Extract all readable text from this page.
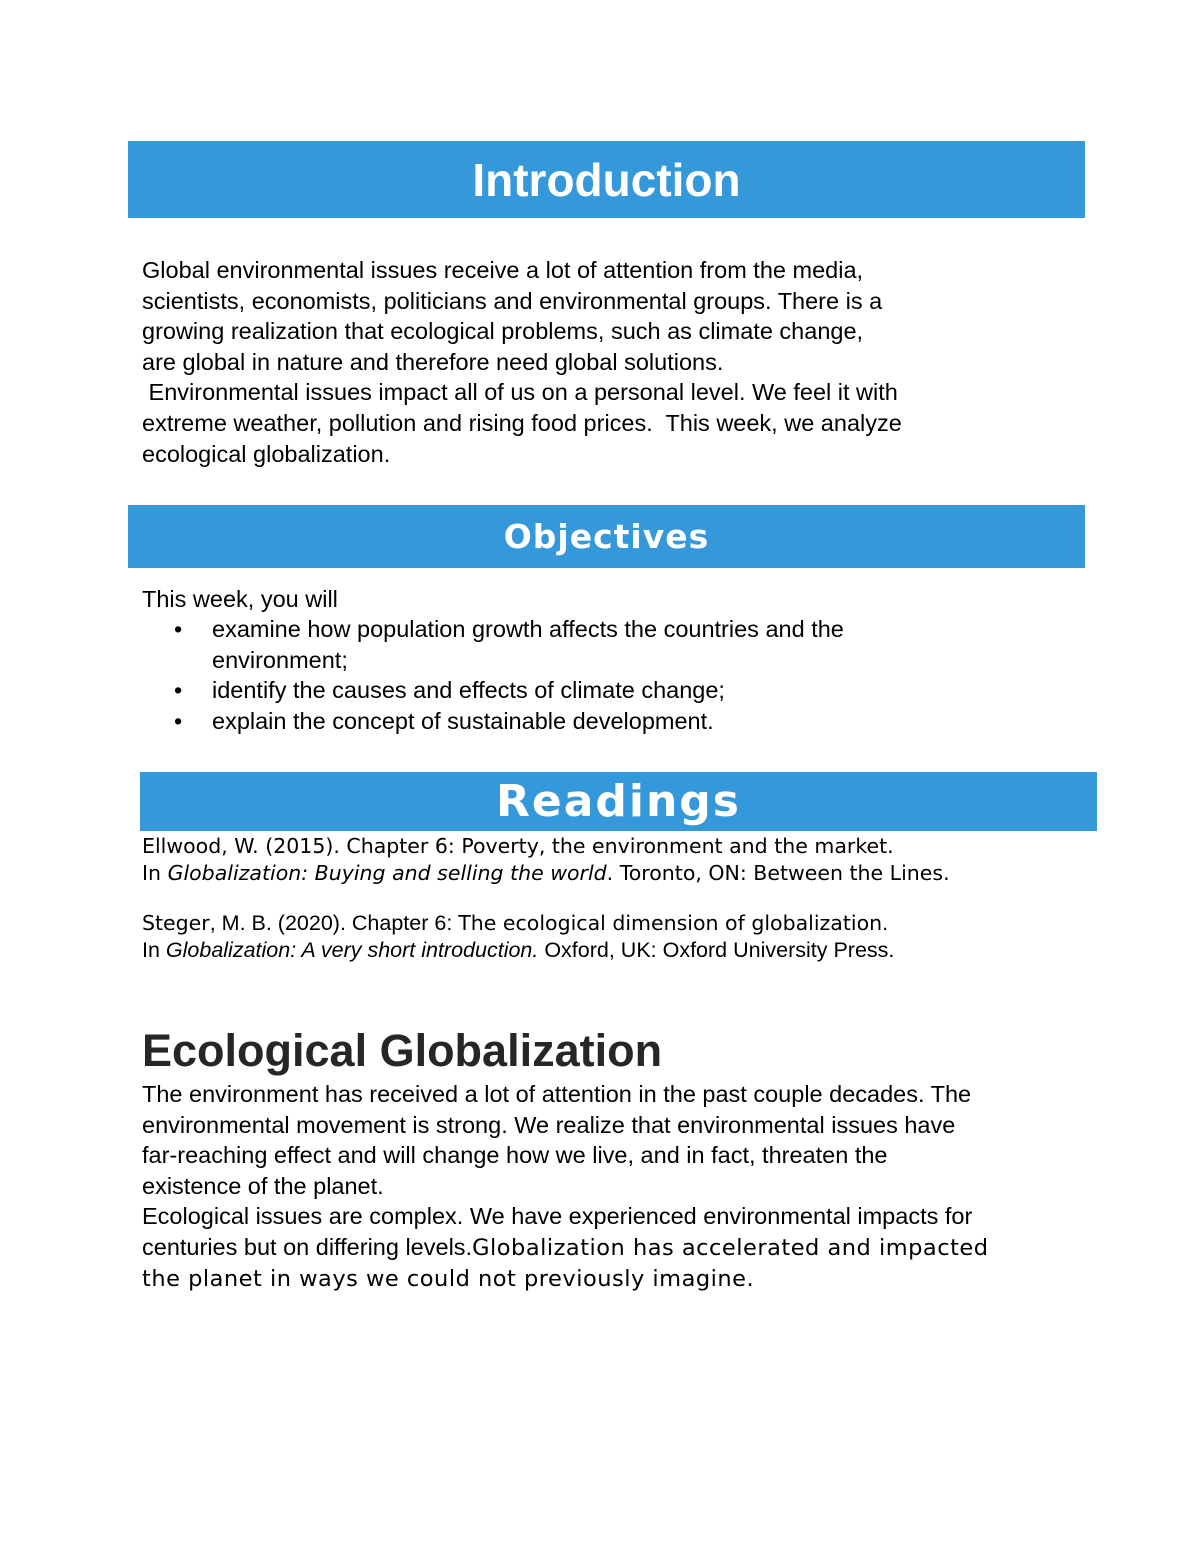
Introduction
Global environmental issues receive a lot of attention from the media,
scientists, economists, politicians and environmental groups. There is a
growing realization that ecological problems, such as climate change,
are global in nature and therefore need global solutions.
Environmental issues impact all of us on a personal level. We feel it with
extreme weather, pollution and rising food prices.  This week, we analyze
ecological globalization.
Objectives
This week, you will
• examine how population growth affects the countries and the
environment;
• identify the causes and effects of climate change;
• explain the concept of sustainable development.
Readings
Ellwood, W. (2015). Chapter 6: Poverty, the environment and the market.
In Globalization: Buying and selling the world. Toronto, ON: Between the Lines.
Steger, M. B. (2020). Chapter 6: The ecological dimension of globalization.
In Globalization: A very short introduction. Oxford, UK: Oxford University Press.
Ecological Globalization
The environment has received a lot of attention in the past couple decades. The
environmental movement is strong. We realize that environmental issues have
far-reaching effect and will change how we live, and in fact, threaten the
existence of the planet.
Ecological issues are complex. We have experienced environmental impacts for
centuries but on differing levels.Globalization has accelerated and impacted
the planet in ways we could not previously imagine.
